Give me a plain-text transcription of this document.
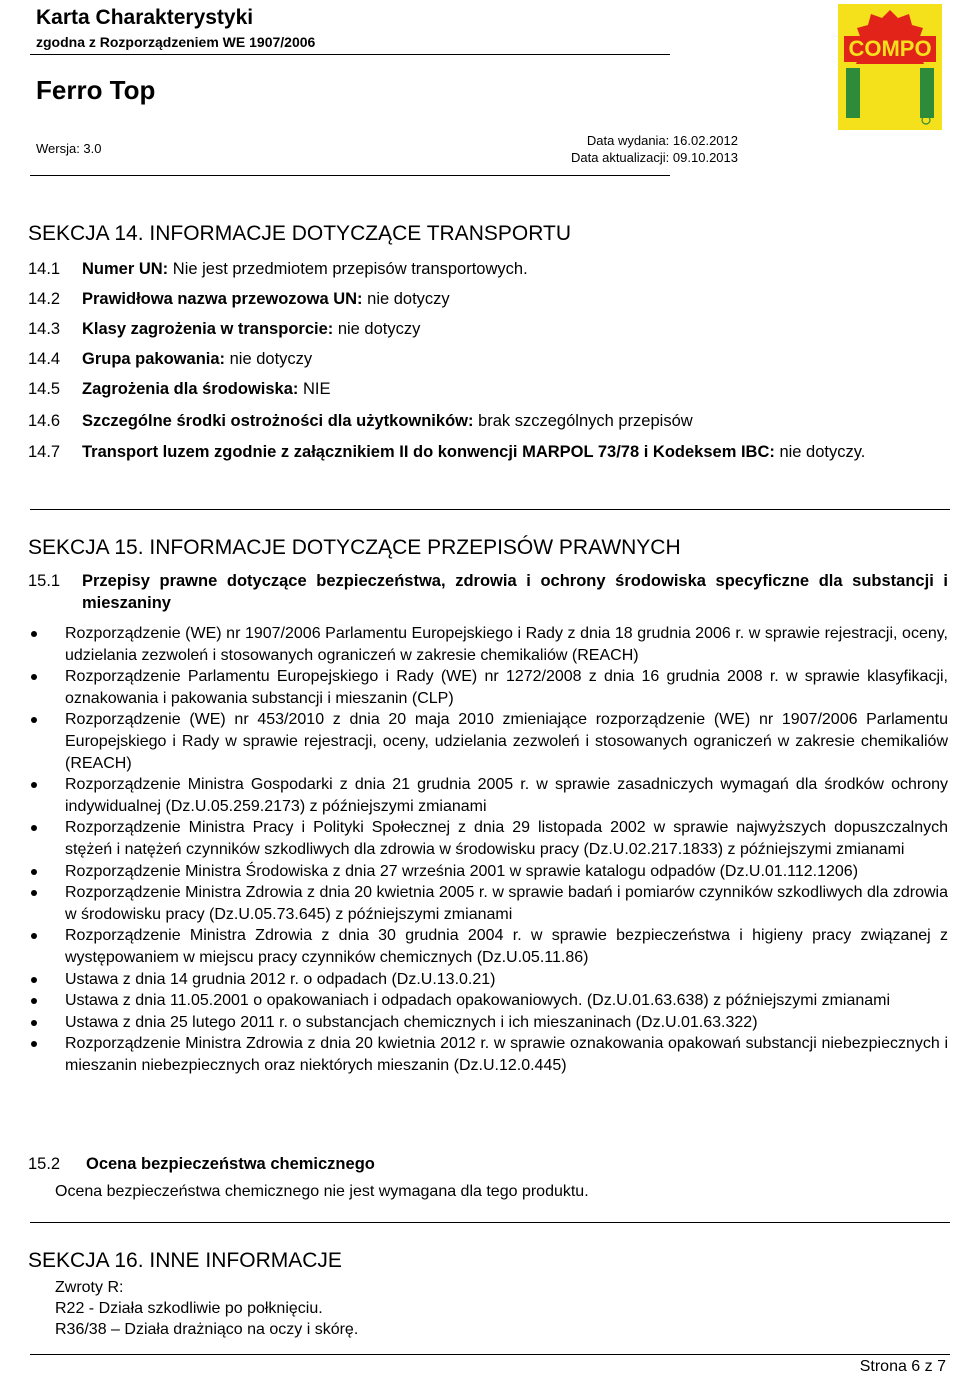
Karta Charakterystyki
zgodna z Rozporządzeniem WE 1907/2006
Ferro Top
Wersja: 3.0
Data wydania: 16.02.2012
Data aktualizacji: 09.10.2013
COMPO
SEKCJA 14. INFORMACJE DOTYCZĄCE TRANSPORTU
14.1	Numer UN: Nie jest przedmiotem przepisów transportowych.
14.2	Prawidłowa nazwa przewozowa UN: nie dotyczy
14.3	Klasy zagrożenia w transporcie: nie dotyczy
14.4	Grupa pakowania: nie dotyczy
14.5	Zagrożenia dla środowiska: NIE
14.6	Szczególne środki ostrożności dla użytkowników: brak szczególnych przepisów
14.7	Transport luzem zgodnie z załącznikiem II do konwencji MARPOL 73/78 i Kodeksem IBC: nie dotyczy.
SEKCJA 15. INFORMACJE DOTYCZĄCE PRZEPISÓW PRAWNYCH
15.1	Przepisy prawne dotyczące bezpieczeństwa, zdrowia i ochrony środowiska specyficzne dla substancji i mieszaniny
Rozporządzenie (WE) nr 1907/2006 Parlamentu Europejskiego i Rady z dnia 18 grudnia 2006 r. w sprawie rejestracji, oceny, udzielania zezwoleń i stosowanych ograniczeń w zakresie chemikaliów (REACH)
Rozporządzenie Parlamentu Europejskiego i Rady (WE) nr 1272/2008 z dnia 16 grudnia 2008 r. w sprawie klasyfikacji, oznakowania i pakowania substancji i mieszanin (CLP)
Rozporządzenie (WE) nr 453/2010 z dnia 20 maja 2010 zmieniające rozporządzenie (WE) nr 1907/2006 Parlamentu Europejskiego i Rady w sprawie rejestracji, oceny, udzielania zezwoleń i stosowanych ograniczeń w zakresie chemikaliów (REACH)
Rozporządzenie Ministra Gospodarki z dnia 21 grudnia 2005 r. w sprawie zasadniczych wymagań dla środków ochrony indywidualnej (Dz.U.05.259.2173) z późniejszymi zmianami
Rozporządzenie Ministra Pracy i Polityki Społecznej z dnia 29 listopada 2002 w sprawie najwyższych dopuszczalnych stężeń i natężeń czynników szkodliwych dla zdrowia w środowisku pracy (Dz.U.02.217.1833) z późniejszymi zmianami
Rozporządzenie Ministra Środowiska z dnia 27 września 2001 w sprawie katalogu odpadów (Dz.U.01.112.1206)
Rozporządzenie Ministra Zdrowia z dnia 20 kwietnia 2005 r. w sprawie badań i pomiarów czynników szkodliwych dla zdrowia w środowisku pracy (Dz.U.05.73.645) z późniejszymi zmianami
Rozporządzenie Ministra Zdrowia z dnia 30 grudnia 2004 r. w sprawie bezpieczeństwa i higieny pracy związanej z występowaniem w miejscu pracy czynników chemicznych (Dz.U.05.11.86)
Ustawa z dnia 14 grudnia 2012 r. o odpadach (Dz.U.13.0.21)
Ustawa z dnia 11.05.2001 o opakowaniach i odpadach opakowaniowych. (Dz.U.01.63.638) z późniejszymi zmianami
Ustawa z dnia 25 lutego 2011 r. o substancjach chemicznych i ich mieszaninach (Dz.U.01.63.322)
Rozporządzenie Ministra Zdrowia z dnia 20 kwietnia 2012 r. w sprawie oznakowania opakowań substancji niebezpiecznych i mieszanin niebezpiecznych oraz niektórych mieszanin (Dz.U.12.0.445)
15.2	Ocena bezpieczeństwa chemicznego
Ocena bezpieczeństwa chemicznego nie jest wymagana dla tego produktu.
SEKCJA 16. INNE INFORMACJE
Zwroty R:
R22 - Działa szkodliwie po połknięciu.
R36/38 – Działa drażniąco na oczy i skórę.
Strona 6 z 7
